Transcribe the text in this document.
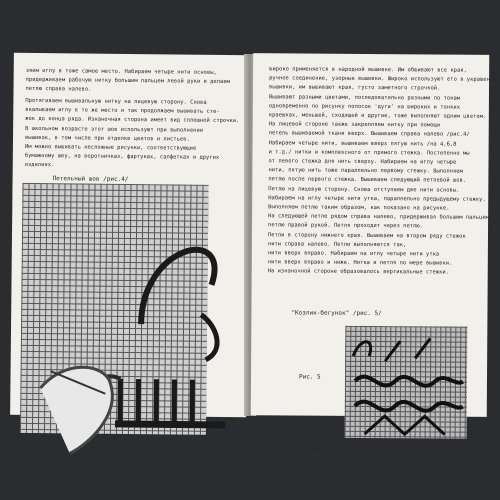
зяем иглу в тоже самое место. Набираем четыре нити основы,
придерживаем рабочую нитку большим пальцем левой руки и делаем
петлю справа налево.

Протягиваем вышивальную нитку на лицевую сторону. Снова
вкалываем иглу в то же место и так продолжаем вышивать сте-
жок до конца ряда. Изнаночная сторона имеет вид сплошной строчки.
В школьном возрасте этот шов используют при выполнении
вышивок, в том числе при отделке цветов и листьев.
Им можно вышивать несложные рисунки, соответствующие
бумажному шву, на воротничках, фартуках, салфетках и других
изделиях.

Петельный шов /рис.4/
Рис. 4
8

широко применяется в народной вышивке. Им обшивают все края,
ручное соединение, узорные вышивки. Широко используют его в украшении
вышивки, им вышивают края, густо заметного строчкой.
Вышивают разными цветами, последовательно разными по тонам
одновременно по рисунку полосок 'дуги' на широких и тонких
краешках, меньшей, сходящей и другие, тоже выполняют одним цветом.
На лицевой стороне также закрепляем нитку при помощи
петель вышиваемой ткани вверх. Вышиваем справа налево /рис.4/
Набираем четыре нити, вышиваем вверх пятую нить /на 4,6,8
и т.д./ нитки и комплексного от прямого стежка. Постепенно мы
от левого стежка для нить сверху. Набираем на иглу четыре
нити, пятую нить тоже параллельно первому стежку. Выполняем
петлю после первого стежка. Вышиваем следующий петлевой шов.
Петлю на лицевую сторону. Снова отступаем две нити основы.
Набираем на иглу четыре нити утка, параллельно предыдущему стежку.
Выполняем петлю таким образом, как показано на рисунке.
На следующей петле рядом справа налево, придерживая большим пальцем
петлю правой рукой. Петля проходит через петлю.
Петли в сторону нижнего края. Вышиваем на втором ряду стежок
нити справа налево. Петли выполняются так,
нити вверх вправо. Набираем на иглу четыре нити утка
нити вверх вправо и ниже. Нитка и петля по мере вышивки.
На изнаночной стороне образовалось вертикальные стежки.

"Козлик-бегунок" /рис. 5/
Рис. 5
Зак.3243,т.300.	9
